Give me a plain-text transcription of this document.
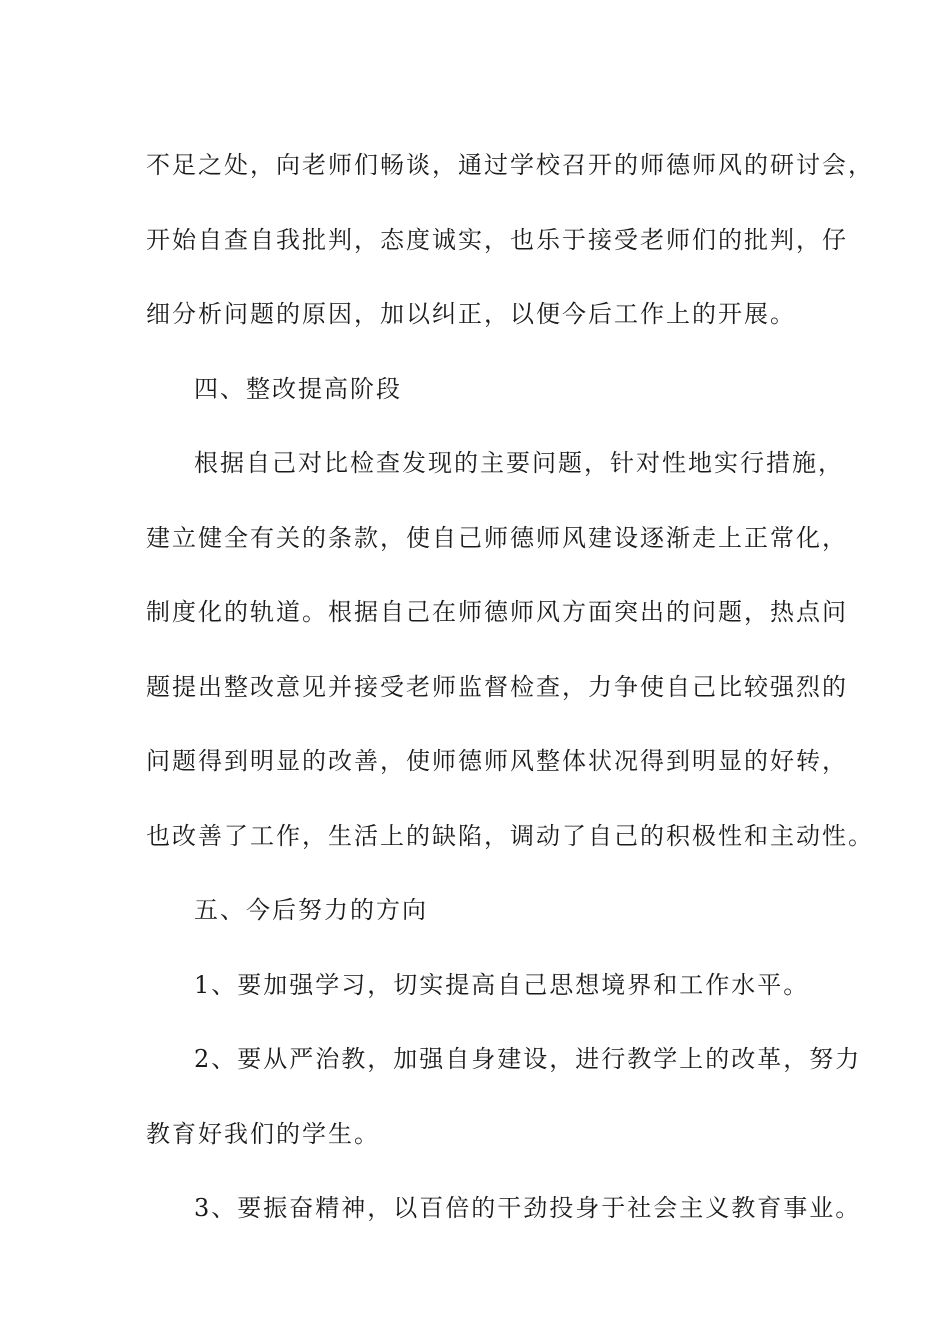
不足之处，向老师们畅谈，通过学校召开的师德师风的研讨会，
开始自查自我批判，态度诚实，也乐于接受老师们的批判，仔
细分析问题的原因，加以纠正，以便今后工作上的开展。
四、整改提高阶段
根据自己对比检查发现的主要问题，针对性地实行措施，
建立健全有关的条款，使自己师德师风建设逐渐走上正常化，
制度化的轨道。根据自己在师德师风方面突出的问题，热点问
题提出整改意见并接受老师监督检查，力争使自己比较强烈的
问题得到明显的改善，使师德师风整体状况得到明显的好转，
也改善了工作，生活上的缺陷，调动了自己的积极性和主动性。
五、今后努力的方向
1、要加强学习，切实提高自己思想境界和工作水平。
2、要从严治教，加强自身建设，进行教学上的改革，努力
教育好我们的学生。
3、要振奋精神，以百倍的干劲投身于社会主义教育事业。
